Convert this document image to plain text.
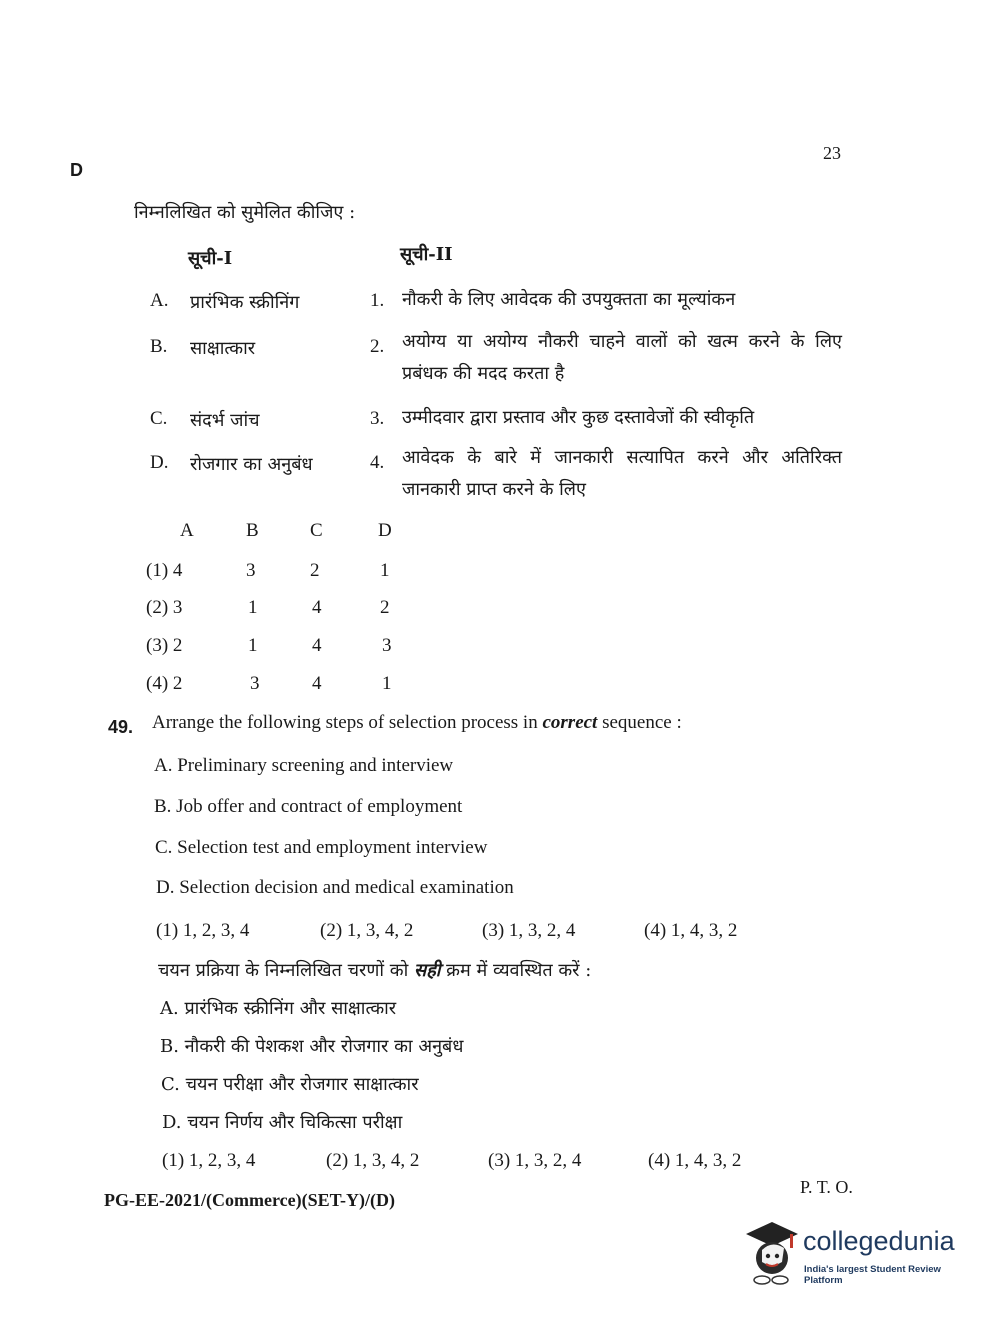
23
D
निम्नलिखित को सुमेलित कीजिए :
सूची-I	सूची-II
A. प्रारंभिक स्क्रीनिंग	1. नौकरी के लिए आवेदक की उपयुक्तता का मूल्यांकन
B. साक्षात्कार	2. अयोग्य या अयोग्य नौकरी चाहने वालों को खत्म करने के लिए प्रबंधक की मदद करता है
C. संदर्भ जांच	3. उम्मीदवार द्वारा प्रस्ताव और कुछ दस्तावेजों की स्वीकृति
D. रोजगार का अनुबंध	4. आवेदक के बारे में जानकारी सत्यापित करने और अतिरिक्त जानकारी प्राप्त करने के लिए
A	B	C	D
(1) 4	3	2	1
(2) 3	1	4	2
(3) 2	1	4	3
(4) 2	3	4	1
49. Arrange the following steps of selection process in correct sequence :
A. Preliminary screening and interview
B. Job offer and contract of employment
C. Selection test and employment interview
D. Selection decision and medical examination
(1) 1, 2, 3, 4	(2) 1, 3, 4, 2	(3) 1, 3, 2, 4	(4) 1, 4, 3, 2
चयन प्रक्रिया के निम्नलिखित चरणों को सही क्रम में व्यवस्थित करें :
A. प्रारंभिक स्क्रीनिंग और साक्षात्कार
B. नौकरी की पेशकश और रोजगार का अनुबंध
C. चयन परीक्षा और रोजगार साक्षात्कार
D. चयन निर्णय और चिकित्सा परीक्षा
(1) 1, 2, 3, 4	(2) 1, 3, 4, 2	(3) 1, 3, 2, 4	(4) 1, 4, 3, 2
PG-EE-2021/(Commerce)(SET-Y)/(D)
P. T. O.
collegedunia
India's largest Student Review Platform
